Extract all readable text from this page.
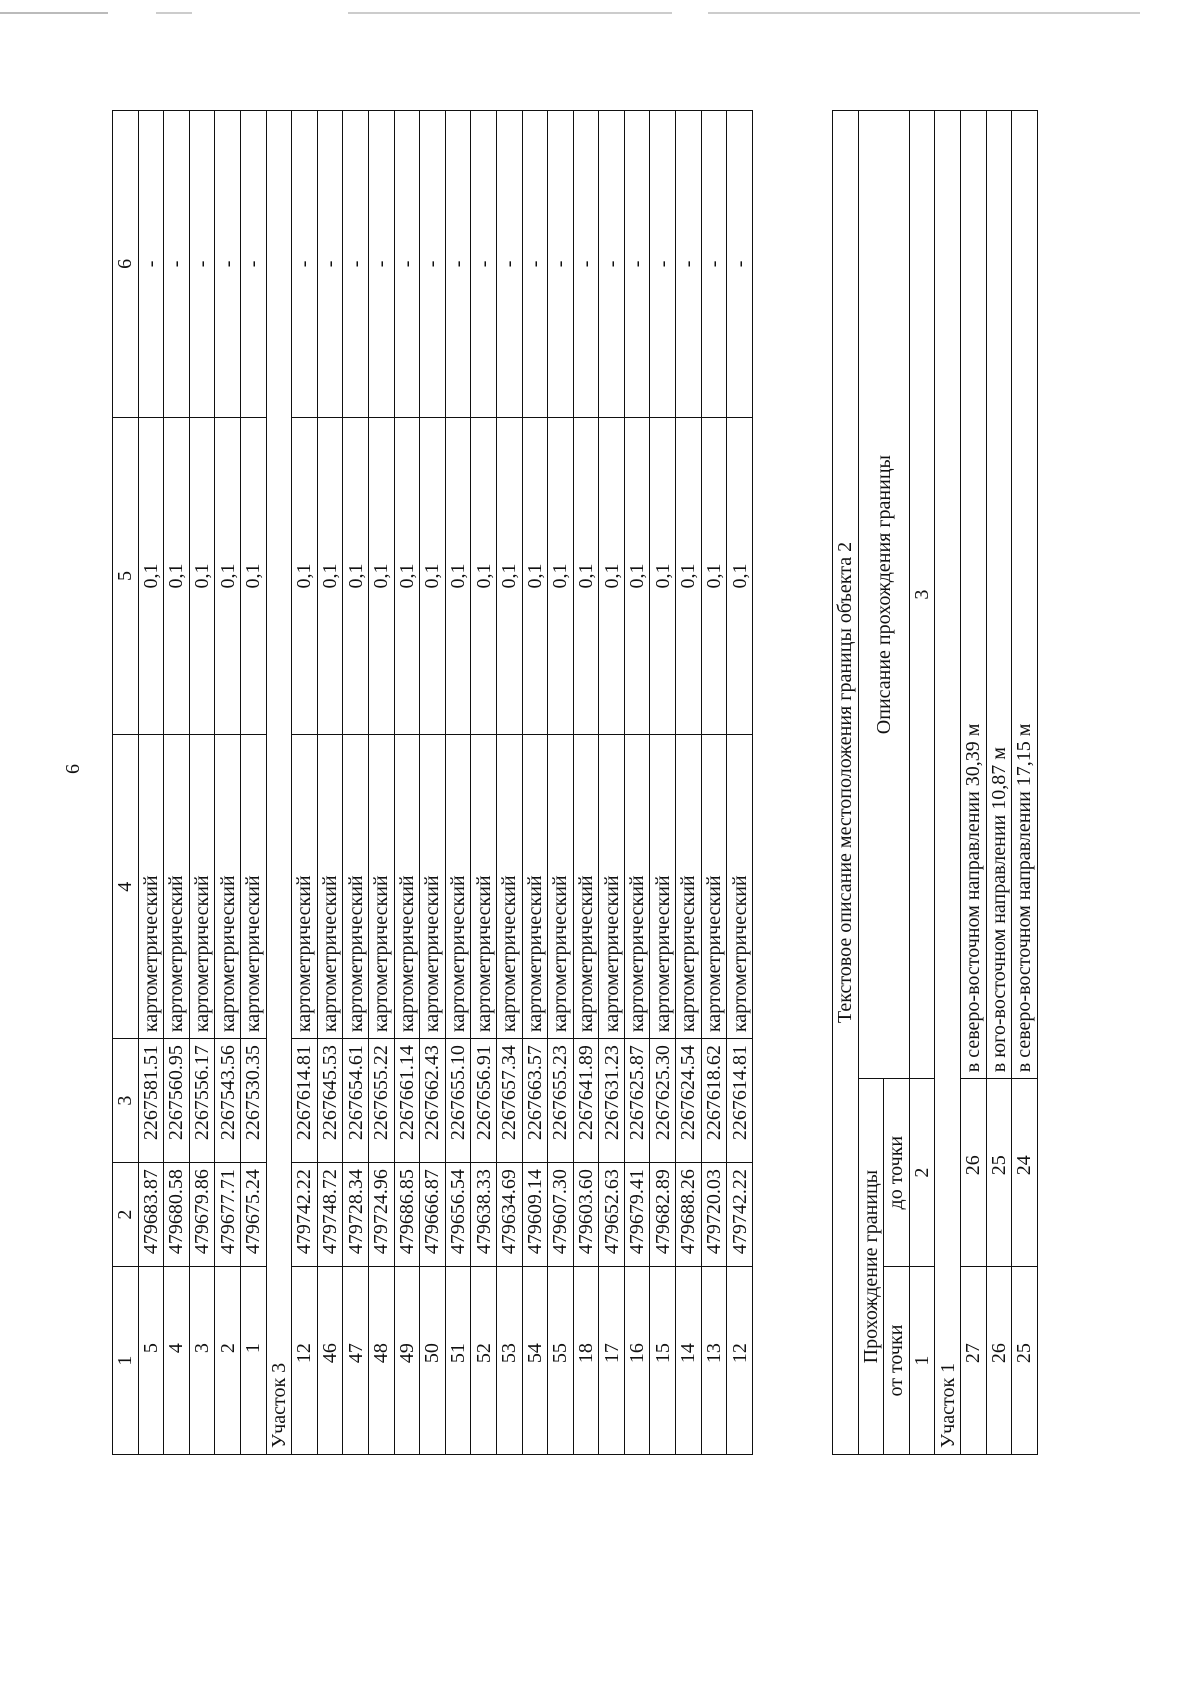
6
1	2	3	4	5	6
5	479683.87	2267581.51	картометрический	0,1	-
4	479680.58	2267560.95	картометрический	0,1	-
3	479679.86	2267556.17	картометрический	0,1	-
2	479677.71	2267543.56	картометрический	0,1	-
1	479675.24	2267530.35	картометрический	0,1	-
Участок 3					
12	479742.22	2267614.81	картометрический	0,1	-
46	479748.72	2267645.53	картометрический	0,1	-
47	479728.34	2267654.61	картометрический	0,1	-
48	479724.96	2267655.22	картометрический	0,1	-
49	479686.85	2267661.14	картометрический	0,1	-
50	479666.87	2267662.43	картометрический	0,1	-
51	479656.54	2267655.10	картометрический	0,1	-
52	479638.33	2267656.91	картометрический	0,1	-
53	479634.69	2267657.34	картометрический	0,1	-
54	479609.14	2267663.57	картометрический	0,1	-
55	479607.30	2267655.23	картометрический	0,1	-
18	479603.60	2267641.89	картометрический	0,1	-
17	479652.63	2267631.23	картометрический	0,1	-
16	479679.41	2267625.87	картометрический	0,1	-
15	479682.89	2267625.30	картометрический	0,1	-
14	479688.26	2267624.54	картометрический	0,1	-
13	479720.03	2267618.62	картометрический	0,1	-
12	479742.22	2267614.81	картометрический	0,1	-
Текстовое описание местоположения границы объекта 2		
Прохождение границы		Описание прохождения границы
от точки	до точки	
1	2	3
Участок 1		
27	26	в северо-восточном направлении 30,39 м
26	25	в юго-восточном направлении 10,87 м
25	24	в северо-восточном направлении 17,15 м
